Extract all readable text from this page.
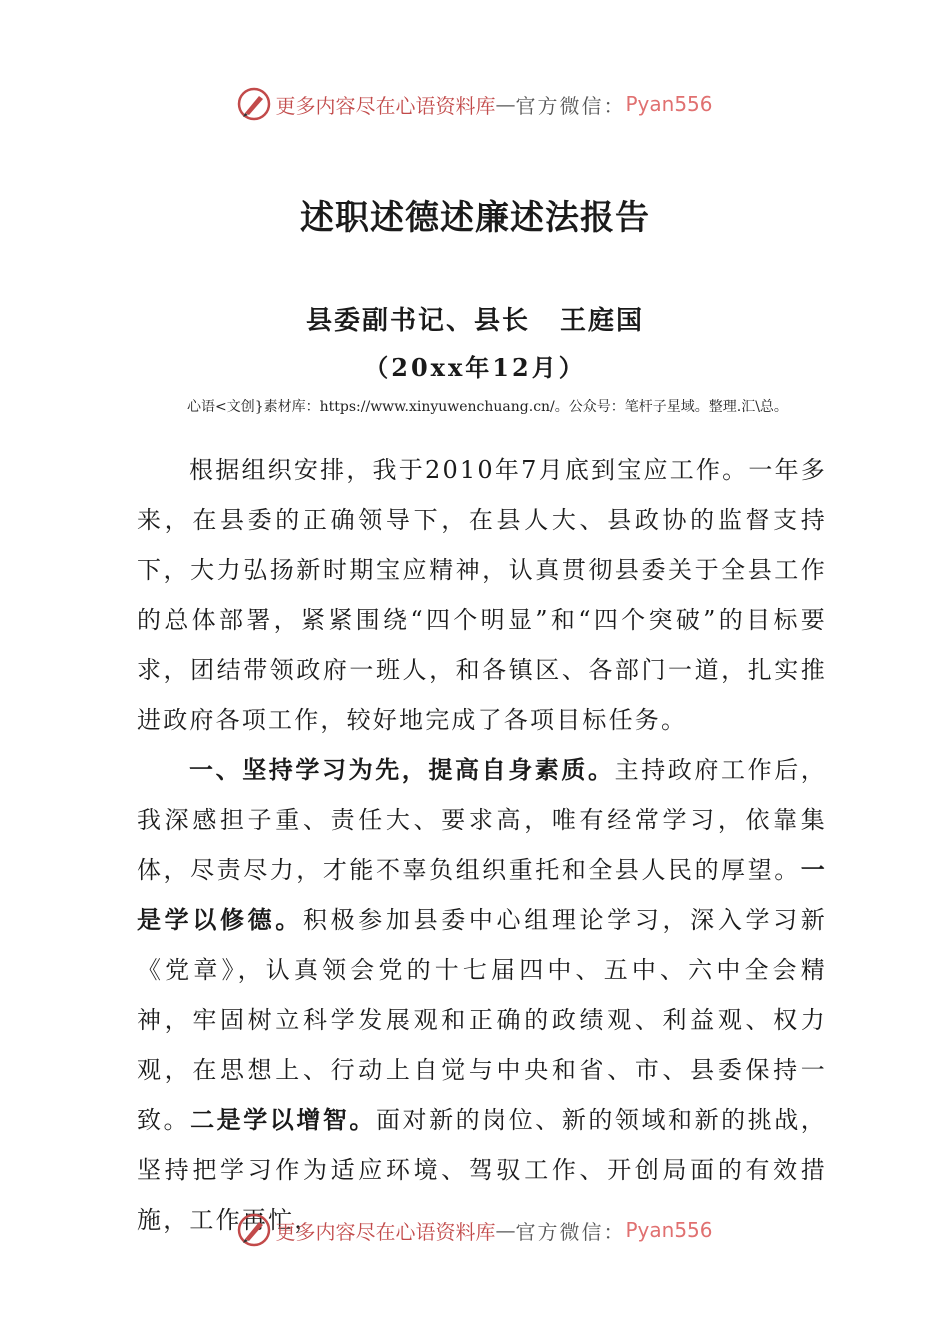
更多内容尽在心语资料库 — 官方微信： Pyan556
述职述德述廉述法报告
县委副书记、县长 王庭国
（20xx年12月）
心语<文创}素材库：https://www.xinyuwenchuang.cn/。公众号：笔杆子星域。整理.汇\总。

根据组织安排，我于2010年7月底到宝应工作。一年多来，在县委的正确领导下，在县人大、县政协的监督支持下，大力弘扬新时期宝应精神，认真贯彻县委关于全县工作的总体部署，紧紧围绕“四个明显”和“四个突破”的目标要求，团结带领政府一班人，和各镇区、各部门一道，扎实推进政府各项工作，较好地完成了各项目标任务。

一、坚持学习为先，提高自身素质。主持政府工作后，我深感担子重、责任大、要求高，唯有经常学习，依靠集体，尽责尽力，才能不辜负组织重托和全县人民的厚望。一是学以修德。积极参加县委中心组理论学习，深入学习新《党章》，认真领会党的十七届四中、五中、六中全会精神，牢固树立科学发展观和正确的政绩观、利益观、权力观，在思想上、行动上自觉与中央和省、市、县委保持一致。二是学以增智。面对新的岗位、新的领域和新的挑战，坚持把学习作为适应环境、驾驭工作、开创局面的有效措施，工作再忙，

更多内容尽在心语资料库 — 官方微信： Pyan556
